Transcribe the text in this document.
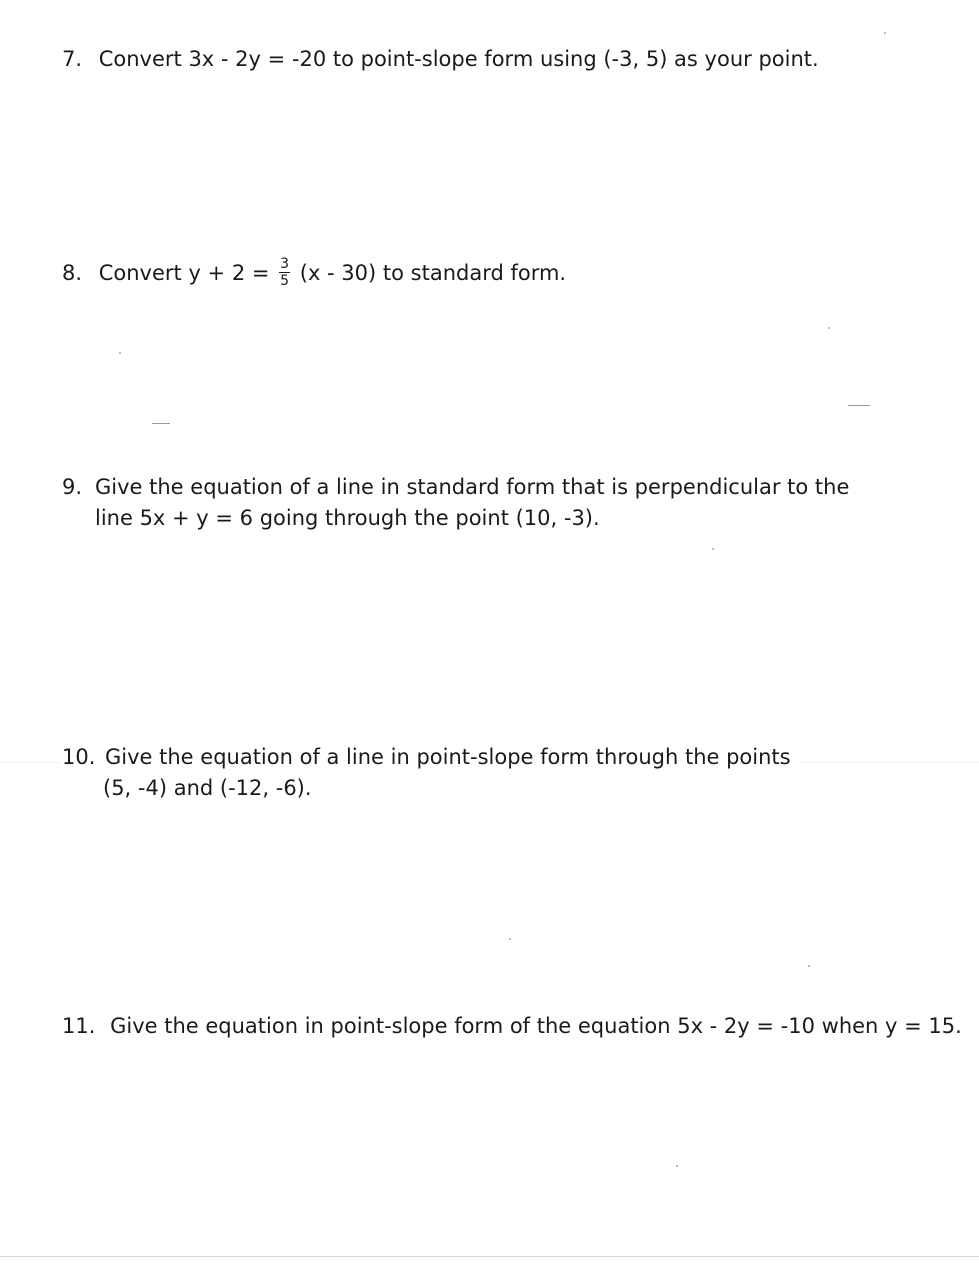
7. Convert 3x - 2y = -20 to point-slope form using (-3, 5) as your point.
8. Convert $y + 2 = \frac{3}{5} (x - 30)$ to standard form.
9. Give the equation of a line in standard form that is perpendicular to the
line 5x + y = 6 going through the point (10, -3).
10. Give the equation of a line in point-slope form through the points
(5, -4) and (-12, -6).
11. Give the equation in point-slope form of the equation 5x - 2y = -10 when y = 15.
